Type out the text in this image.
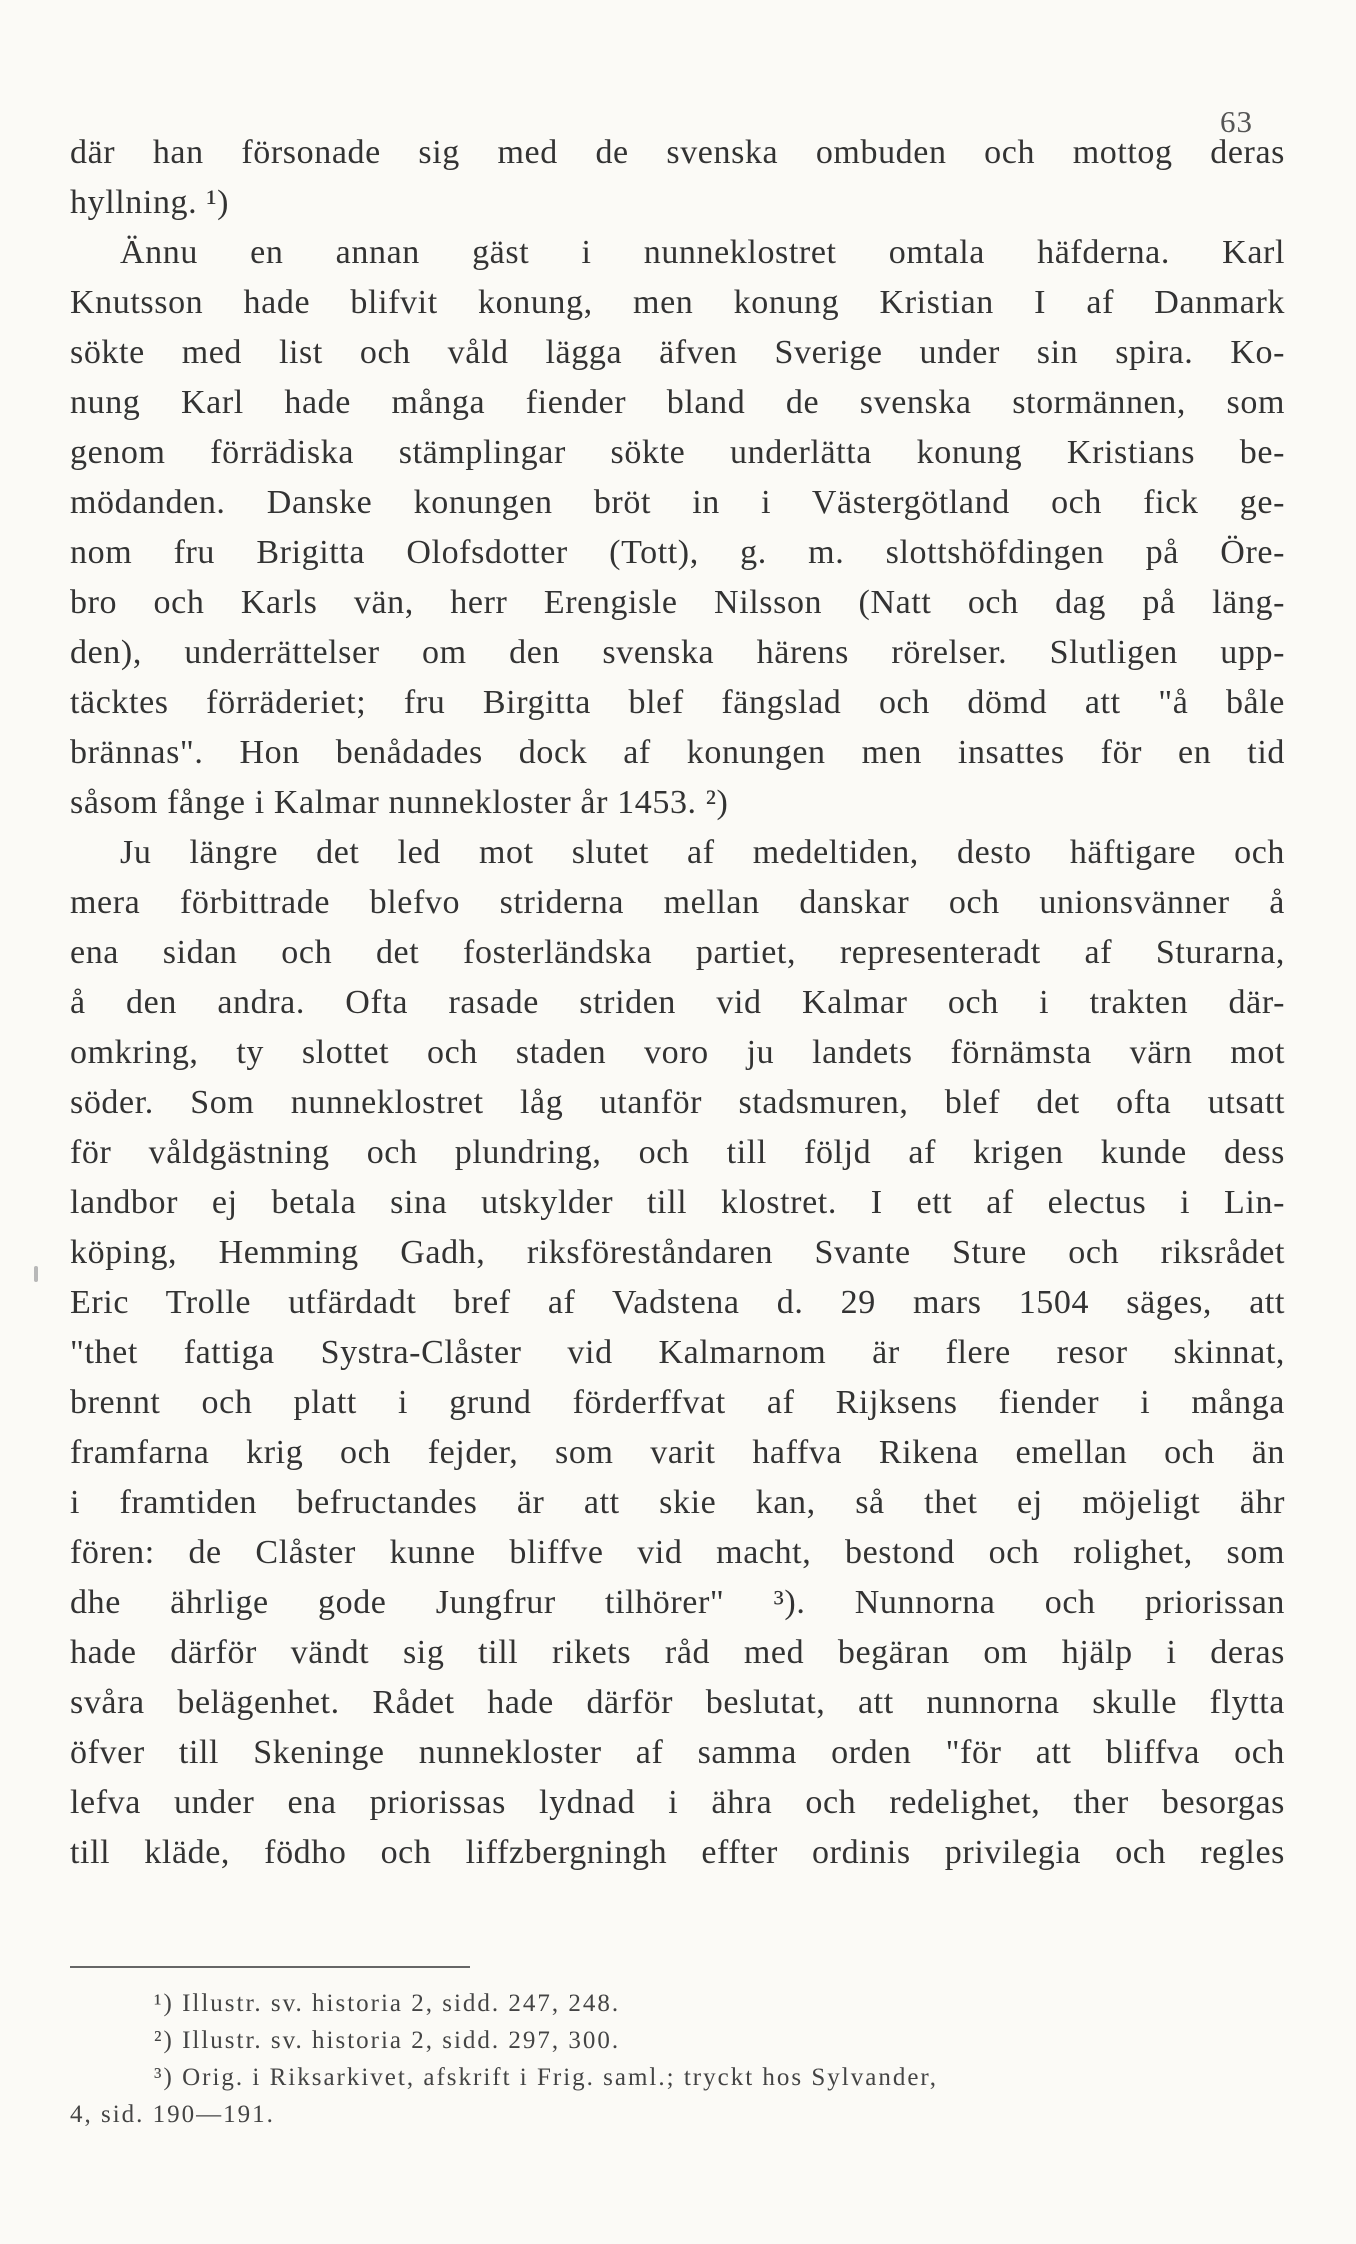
63
där han försonade sig med de svenska ombuden och mottog deras
hyllning. ¹)
Ännu en annan gäst i nunneklostret omtala häfderna. Karl
Knutsson hade blifvit konung, men konung Kristian I af Danmark
sökte med list och våld lägga äfven Sverige under sin spira. Ko-
nung Karl hade många fiender bland de svenska stormännen, som
genom förrädiska stämplingar sökte underlätta konung Kristians be-
mödanden. Danske konungen bröt in i Västergötland och fick ge-
nom fru Brigitta Olofsdotter (Tott), g. m. slottshöfdingen på Öre-
bro och Karls vän, herr Erengisle Nilsson (Natt och dag på läng-
den), underrättelser om den svenska härens rörelser. Slutligen upp-
täcktes förräderiet; fru Birgitta blef fängslad och dömd att "å båle
brännas". Hon benådades dock af konungen men insattes för en tid
såsom fånge i Kalmar nunnekloster år 1453. ²)
Ju längre det led mot slutet af medeltiden, desto häftigare och
mera förbittrade blefvo striderna mellan danskar och unionsvänner å
ena sidan och det fosterländska partiet, representeradt af Sturarna,
å den andra. Ofta rasade striden vid Kalmar och i trakten där-
omkring, ty slottet och staden voro ju landets förnämsta värn mot
söder. Som nunneklostret låg utanför stadsmuren, blef det ofta utsatt
för våldgästning och plundring, och till följd af krigen kunde dess
landbor ej betala sina utskylder till klostret. I ett af electus i Lin-
köping, Hemming Gadh, riksföreståndaren Svante Sture och riksrådet
Eric Trolle utfärdadt bref af Vadstena d. 29 mars 1504 säges, att
"thet fattiga Systra-Clåster vid Kalmarnom är flere resor skinnat,
brennt och platt i grund förderffvat af Rijksens fiender i många
framfarna krig och fejder, som varit haffva Rikena emellan och än
i framtiden befructandes är att skie kan, så thet ej möjeligt ähr
fören: de Clåster kunne bliffve vid macht, bestond och rolighet, som
dhe ährlige gode Jungfrur tilhörer" ³). Nunnorna och priorissan
hade därför vändt sig till rikets råd med begäran om hjälp i deras
svåra belägenhet. Rådet hade därför beslutat, att nunnorna skulle flytta
öfver till Skeninge nunnekloster af samma orden "för att bliffva och
lefva under ena priorissas lydnad i ähra och redelighet, ther besorgas
till kläde, födho och liffzbergningh effter ordinis privilegia och regles
¹) Illustr. sv. historia 2, sidd. 247, 248.
²) Illustr. sv. historia 2, sidd. 297, 300.
³) Orig. i Riksarkivet, afskrift i Frig. saml.; tryckt hos Sylvander,
4, sid. 190—191.
